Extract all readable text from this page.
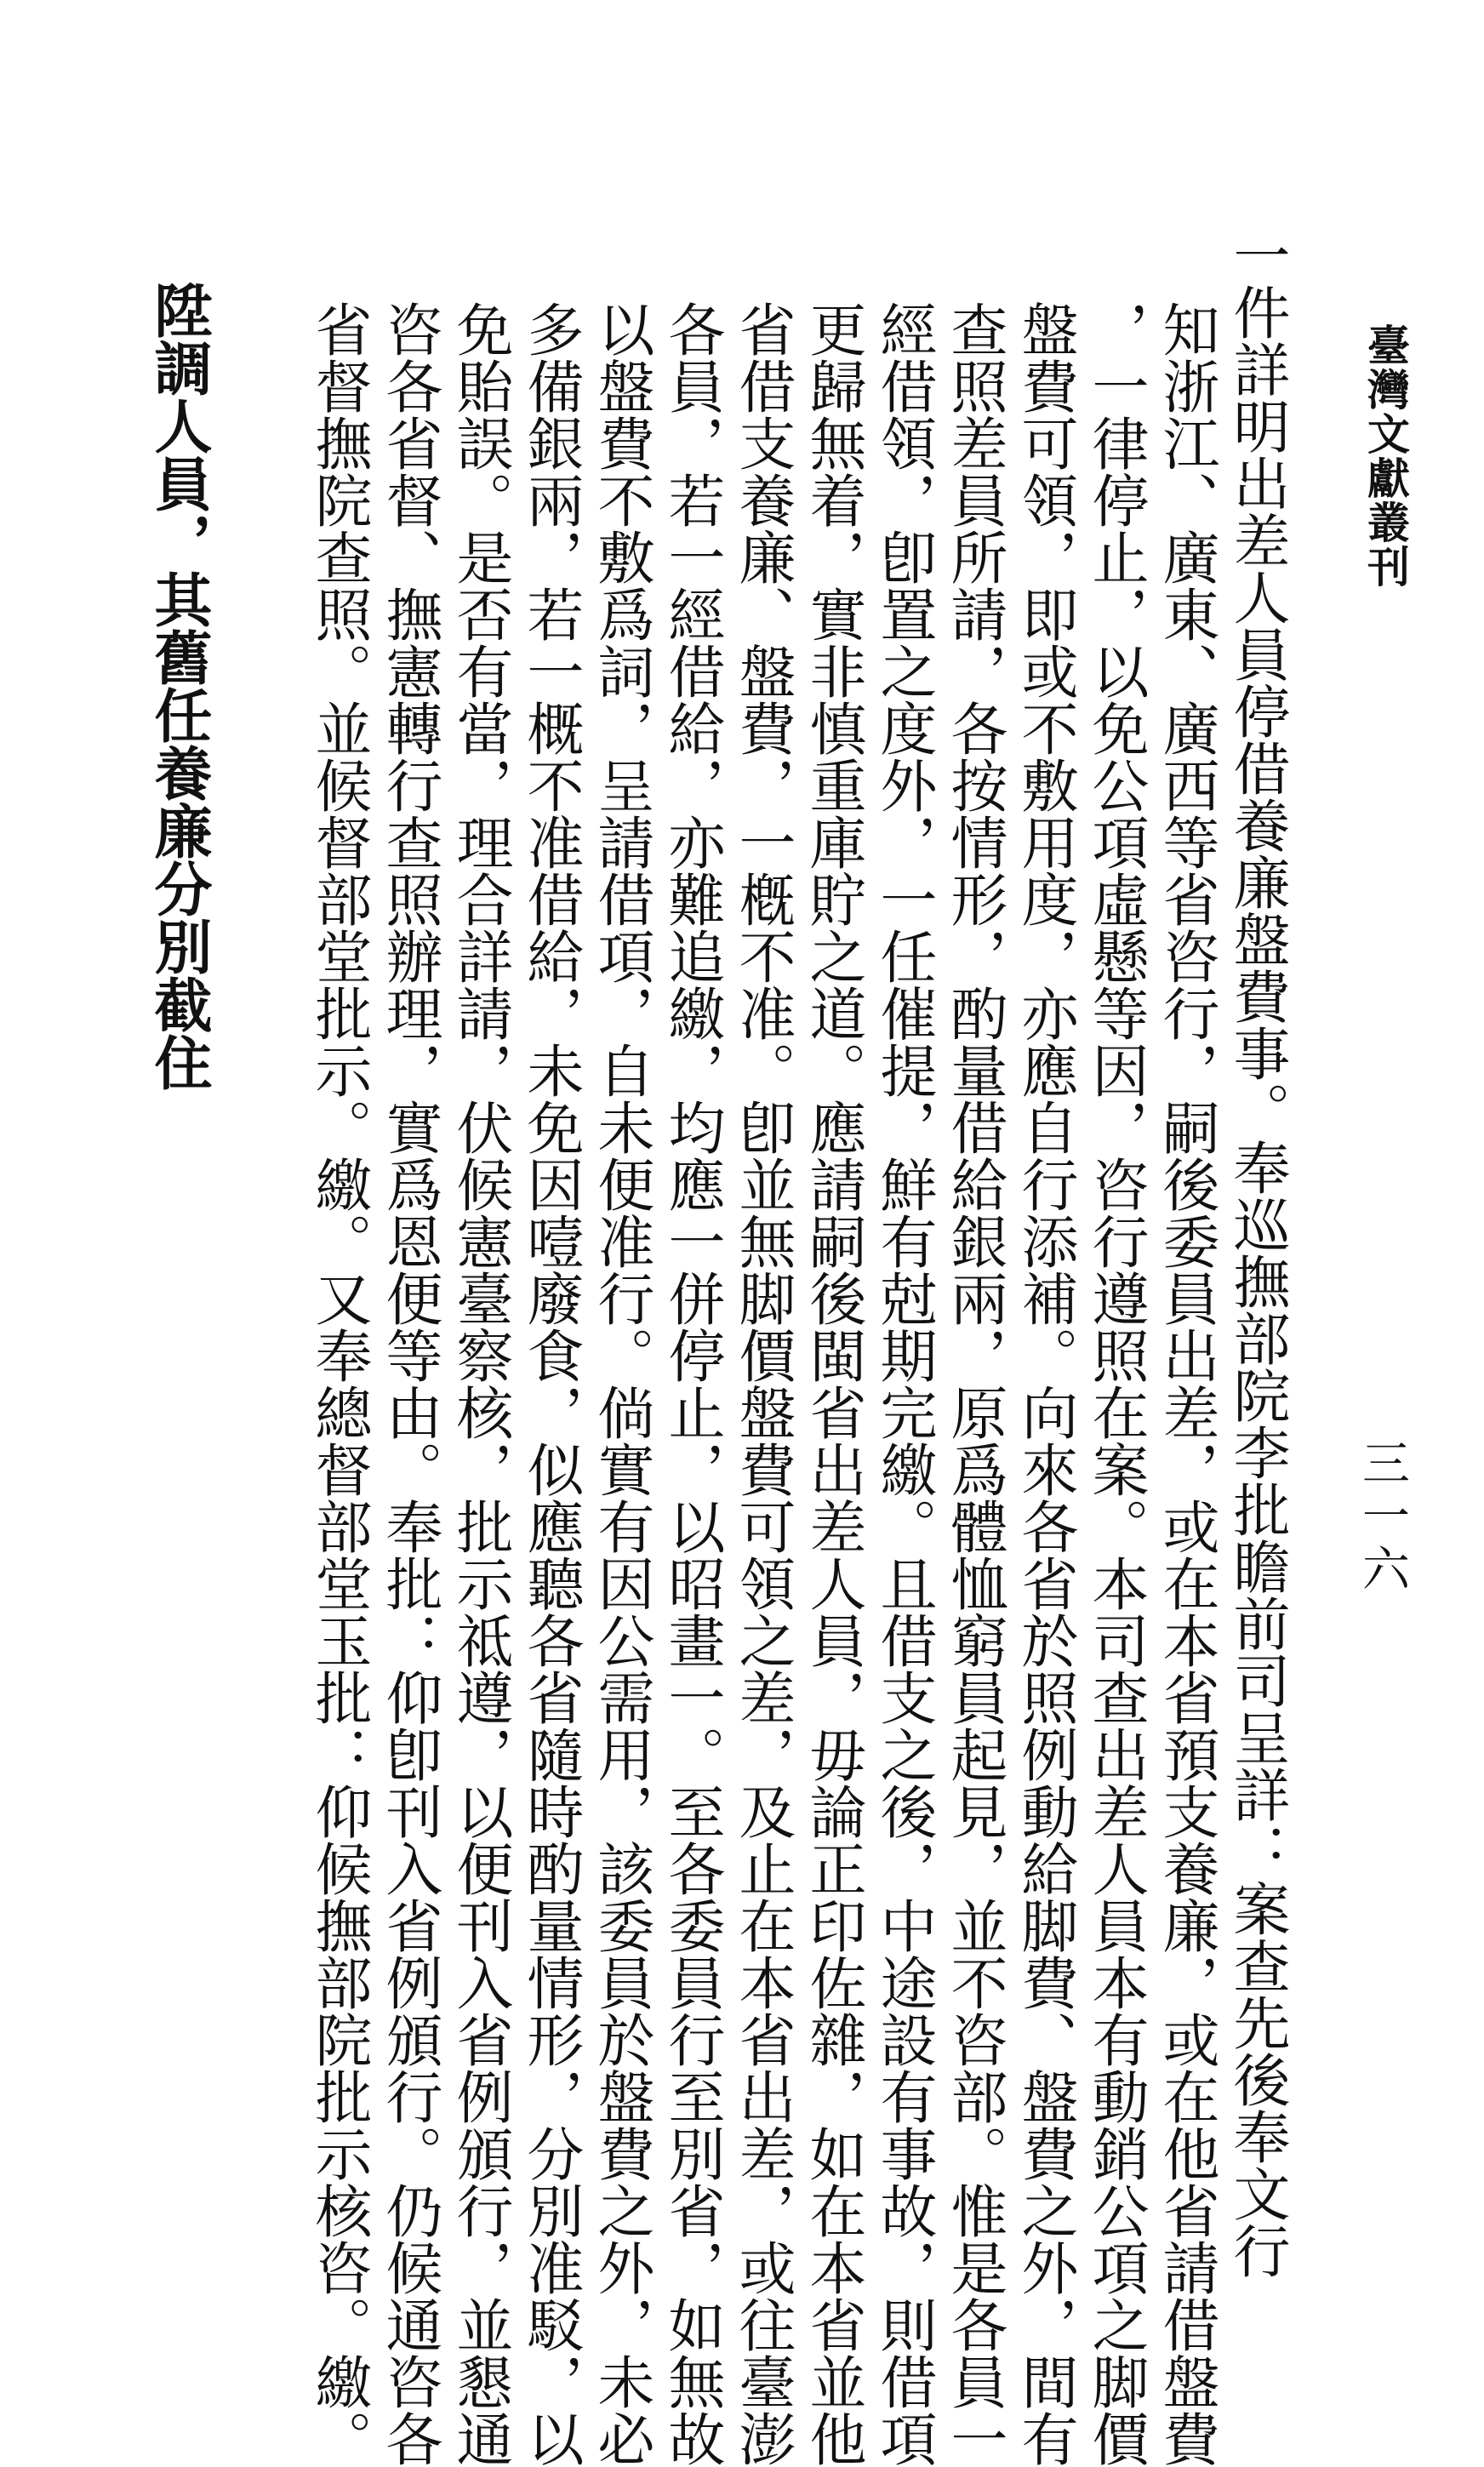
臺灣文獻叢刊
三一六
一件詳明出差人員停借養廉盤費事。奉巡撫部院李批瞻前司呈詳：案查先後奉文行
知浙江、廣東、廣西等省咨行，嗣後委員出差，或在本省預支養廉，或在他省請借盤費
，一律停止，以免公項虛懸等因，咨行遵照在案。本司查出差人員本有動銷公項之脚價
盤費可領，即或不敷用度，亦應自行添補。向來各省於照例動給脚費、盤費之外，間有
查照差員所請，各按情形，酌量借給銀兩，原爲體恤窮員起見，並不咨部。惟是各員一
經借領，卽置之度外，一任催提，鮮有尅期完繳。且借支之後，中途設有事故，則借項
更歸無着，實非慎重庫貯之道。應請嗣後閩省出差人員，毋論正印佐雜，如在本省並他
省借支養廉、盤費，一槪不准。卽並無脚價盤費可領之差，及止在本省出差，或往臺澎
各員，若一經借給，亦難追繳，均應一併停止，以昭畫一。至各委員行至別省，如無故
以盤費不敷爲詞，呈請借項，自未便准行。倘實有因公需用，該委員於盤費之外，未必
多備銀兩，若一概不准借給，未免因噎廢食，似應聽各省隨時酌量情形，分別准駁，以
免貽誤。是否有當，理合詳請，伏候憲臺察核，批示祗遵，以便刊入省例頒行，並懇通
咨各省督、撫憲轉行查照辦理，實爲恩便等由。奉批：仰卽刊入省例頒行。仍候通咨各
省督撫院查照。並候督部堂批示。繳。又奉總督部堂玉批：仰候撫部院批示核咨。繳。
陞調人員，其舊任養廉分別截住
